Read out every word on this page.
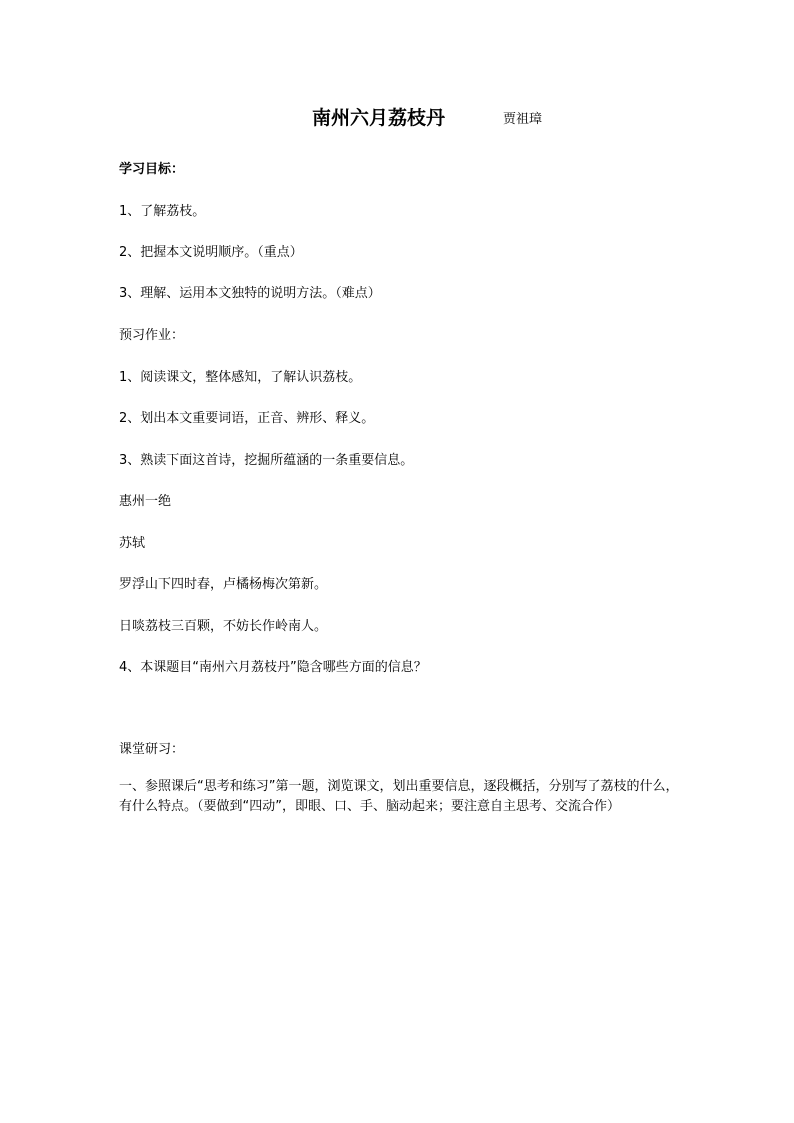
南州六月荔枝丹	贾祖璋
学习目标：
1、了解荔枝。
2、把握本文说明顺序。（重点）
3、理解、运用本文独特的说明方法。（难点）
预习作业：
1、阅读课文，整体感知，了解认识荔枝。
2、划出本文重要词语，正音、辨形、释义。
3、熟读下面这首诗，挖掘所蕴涵的一条重要信息。
惠州一绝
苏轼
罗浮山下四时春，卢橘杨梅次第新。
日啖荔枝三百颗，不妨长作岭南人。
4、本课题目“南州六月荔枝丹”隐含哪些方面的信息？
课堂研习：
一、参照课后“思考和练习”第一题，浏览课文，划出重要信息，逐段概括，分别写了荔枝的什么，有什么特点。（要做到“四动”，即眼、口、手、脑动起来；要注意自主思考、交流合作）
